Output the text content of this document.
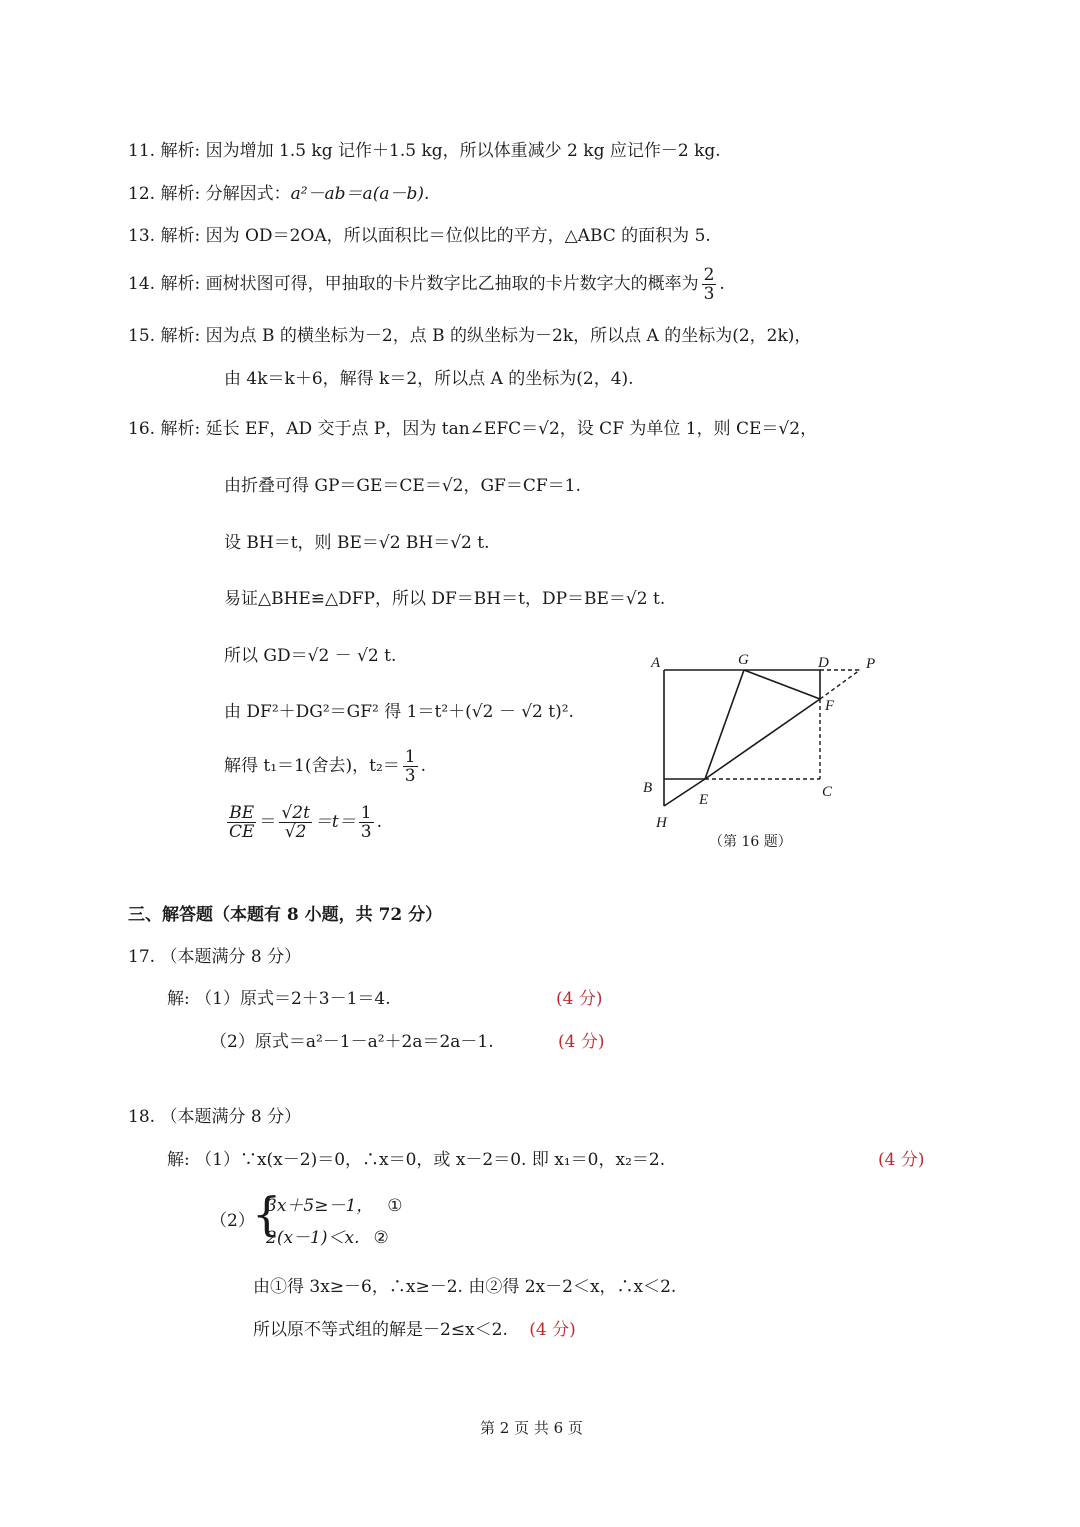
11. 解析: 因为增加 1.5 kg 记作＋1.5 kg，所以体重减少 2 kg 应记作－2 kg.
12. 解析: 分解因式：a²－ab＝a(a－b).
13. 解析: 因为 OD＝2OA，所以面积比＝位似比的平方，△ABC 的面积为 5.
14. 解析: 画树状图可得，甲抽取的卡片数字比乙抽取的卡片数字大的概率为 $\frac{2}{3}$ .
15. 解析: 因为点 B 的横坐标为－2，点 B 的纵坐标为－2k，所以点 A 的坐标为(2，2k)，
由 4k＝k＋6，解得 k＝2，所以点 A 的坐标为(2，4).
16. 解析: 延长 EF，AD 交于点 P，因为 tan∠EFC＝√2，设 CF 为单位 1，则 CE＝√2，
由折叠可得 GP＝GE＝CE＝√2，GF＝CF＝1.
设 BH＝t，则 BE＝√2 BH＝√2 t.
易证△BHE≌△DFP，所以 DF＝BH＝t，DP＝BE＝√2 t.
所以 GD＝√2 － √2 t.
由 DF²＋DG²＝GF² 得 1＝t²＋(√2 － √2 t)².
解得 t₁＝1(舍去)，$t_2= \frac{1}{3}$ .
$\frac{BE}{CE} = \frac{√2t}{√2} =t= \frac{1}{3}$ .
A	G	D P
F
B
E	C
H
（第 16 题）
三、解答题（本题有 8 小题，共 72 分）
17. （本题满分 8 分）
解: （1）原式＝2＋3－1＝4.	(4 分)
（2）原式＝a²－1－a²＋2a＝2a－1.	(4 分)
18. （本题满分 8 分）
解: （1）∵x(x－2)＝0，∴x＝0，或 x－2＝0. 即 x₁＝0，x₂＝2.	(4 分)
（2）
{
3x＋5≥－1， ①
2(x－1)＜x. ②
由①得 3x≥－6，∴x≥－2. 由②得 2x－2＜x，∴x＜2.
所以原不等式组的解是－2≤x＜2. (4 分)
第 2 页 共 6 页
